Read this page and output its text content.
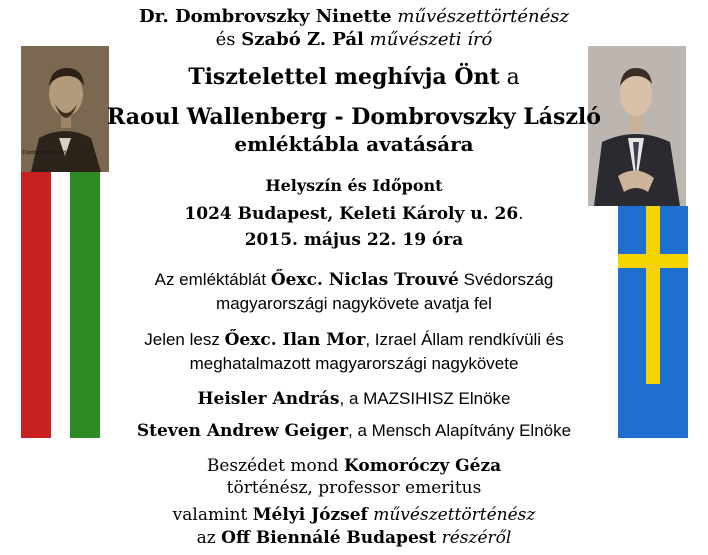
Dombrovszky László
Dr. Dombrovszky Ninette művészettörténész
és Szabó Z. Pál művészeti író
Tisztelettel meghívja Önt a
Raoul Wallenberg - Dombrovszky László
emléktábla avatására
Helyszín és Időpont
1024 Budapest, Keleti Károly u. 26.
2015. május 22. 19 óra
Az emléktáblát Őexc. Niclas Trouvé Svédország
magyarországi nagykövete avatja fel
Jelen lesz Őexc. Ilan Mor, Izrael Állam rendkívüli és
meghatalmazott magyarországi nagykövete
Heisler András, a MAZSIHISZ Elnöke
Steven Andrew Geiger, a Mensch Alapítvány Elnöke
Beszédet mond Komoróczy Géza
történész, professor emeritus
valamint Mélyi József művészettörténész
az Off Biennálé Budapest részéről
